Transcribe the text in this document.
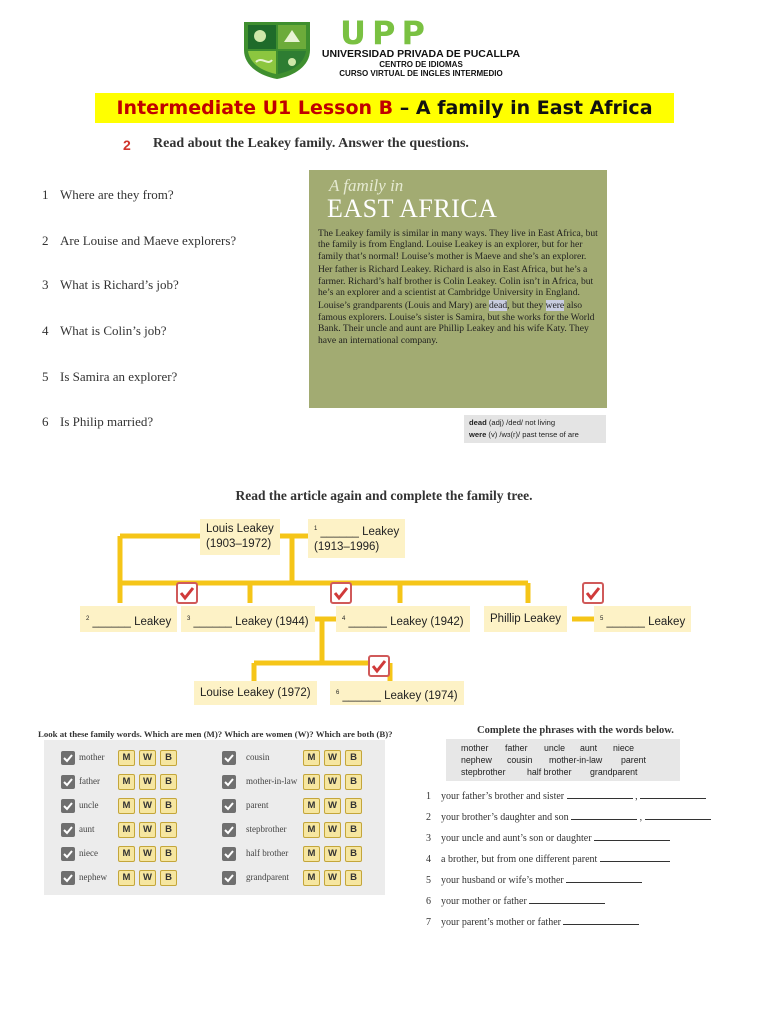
UPP
UNIVERSIDAD PRIVADA DE PUCALLPA
CENTRO DE IDIOMAS
CURSO VIRTUAL DE INGLES INTERMEDIO
Intermediate U1 Lesson B – A family in East Africa
2 Read about the Leakey family. Answer the questions.
1 Where are they from?
2 Are Louise and Maeve explorers?
3 What is Richard’s job?
4 What is Colin’s job?
5 Is Samira an explorer?
6 Is Philip married?
A family in
EAST AFRICA

The Leakey family is similar in many ways. They live in East Africa, but the family is from England. Louise Leakey is an explorer, but for her family that’s normal! Louise’s mother is Maeve and she’s an explorer.

Her father is Richard Leakey. Richard is also in East Africa, but he’s a farmer. Richard’s half brother is Colin Leakey. Colin isn’t in Africa, but he’s an explorer and a scientist at Cambridge University in England.

Louise’s grandparents (Louis and Mary) are dead, but they were also famous explorers. Louise’s sister is Samira, but she works for the World Bank. Their uncle and aunt are Phillip Leakey and his wife Katy. They have an international company.

dead (adj) /ded/ not living
were (v) /wɜ(r)/ past tense of are
Read the article again and complete the family tree.
Louis Leakey
(1903–1972)
$^1$ ______ Leakey
(1913–1996)
$^2$ ______ Leakey	$^3$ ______ Leakey (1944)	$^4$ ______ Leakey (1942)	Phillip Leakey	$^5$ ______ Leakey
Louise Leakey (1972)	$^6$ ______ Leakey (1974)
Look at these family words. Which are men (M)? Which are women (W)? Which are both (B)?
mother	M	W	B
father	M	W	B
uncle	M	W	B
aunt	M	W	B
niece	M	W	B
nephew	M	W	B
cousin	M	W	B
mother-in-law	M	W	B
parent	M	W	B
stepbrother	M	W	B
half brother	M	W	B
grandparent	M	W	B
Complete the phrases with the words below.
mother father uncle aunt niece
nephew cousin mother-in-law parent
stepbrother half brother grandparent
1 your father’s brother and sister	,
2 your brother’s daughter and son	,
3 your uncle and aunt’s son or daughter
4 a brother, but from one different parent
5 your husband or wife’s mother
6 your mother or father
7 your parent’s mother or father
